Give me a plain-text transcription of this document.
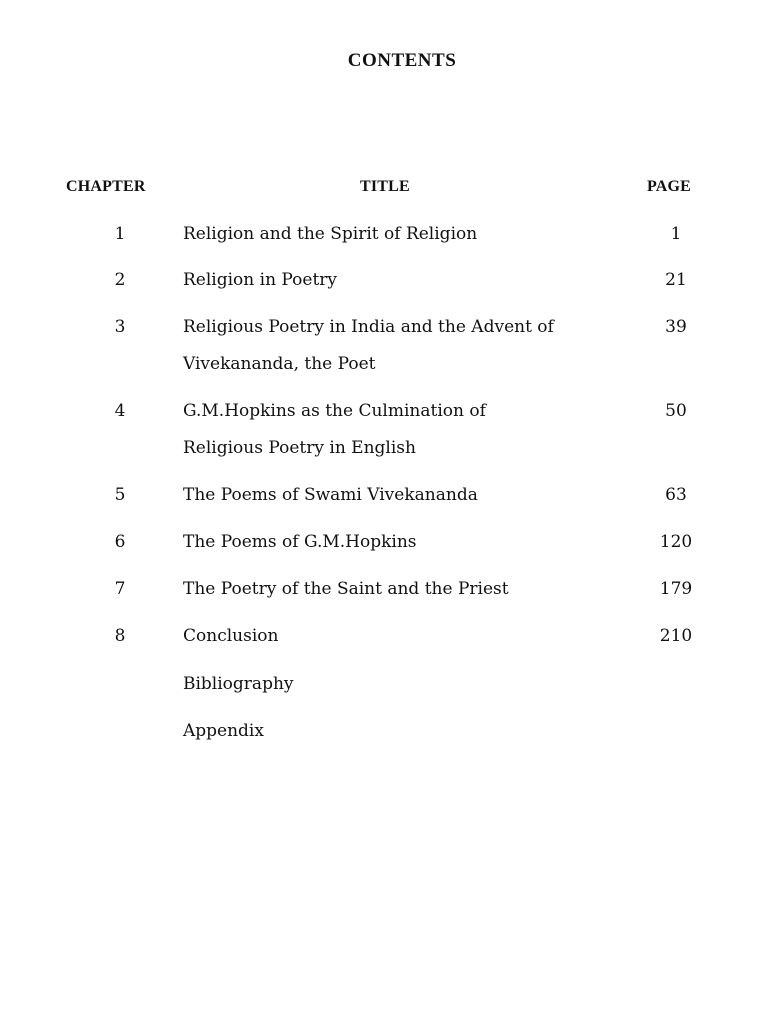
CONTENTS
CHAPTER	TITLE	PAGE
1	Religion and the Spirit of Religion	1
2	Religion in Poetry	21
3	Religious Poetry in India and the Advent of	39
Vivekananda, the Poet
4	G.M.Hopkins as the Culmination of	50
Religious Poetry in English
5	The Poems of Swami Vivekananda	63
6	The Poems of G.M.Hopkins	120
7	The Poetry of the Saint and the Priest	179
8	Conclusion	210
Bibliography
Appendix
